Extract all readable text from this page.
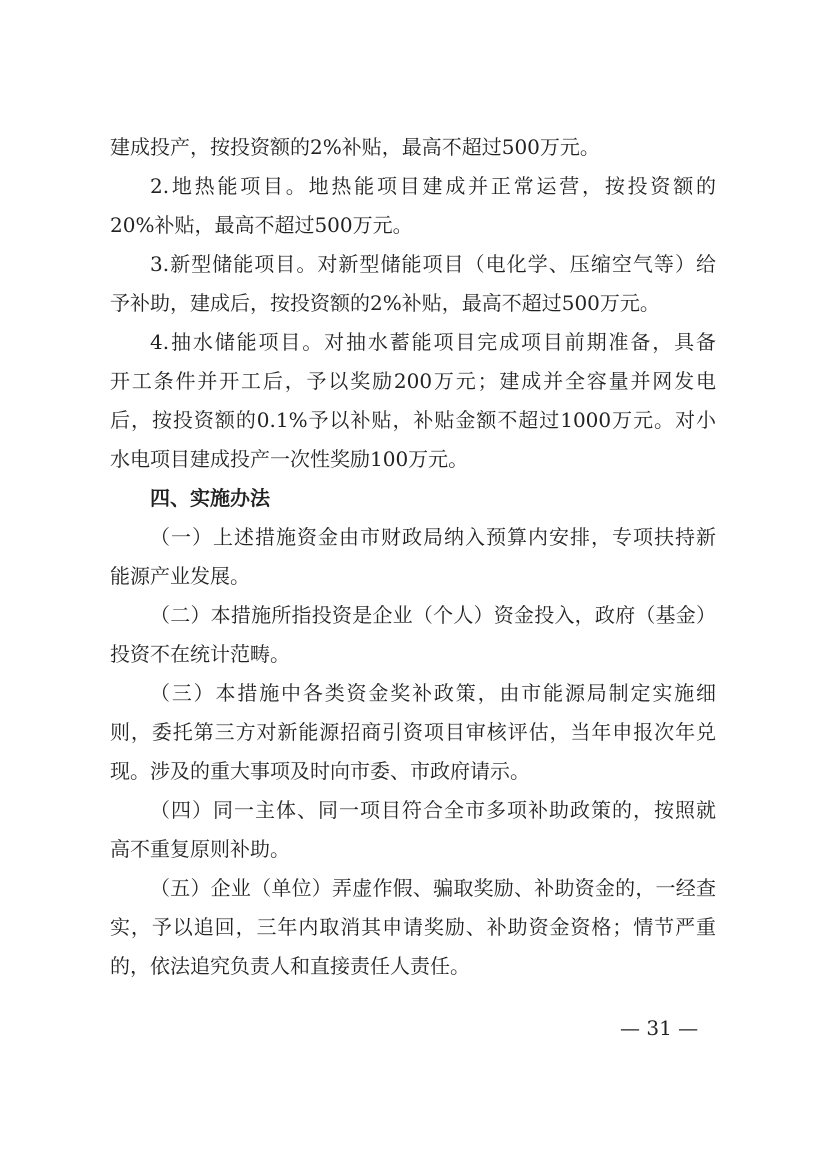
建成投产，按投资额的2%补贴，最高不超过500万元。
2.地热能项目。地热能项目建成并正常运营，按投资额的
20%补贴，最高不超过500万元。
3.新型储能项目。对新型储能项目（电化学、压缩空气等）给
予补助，建成后，按投资额的2%补贴，最高不超过500万元。
4.抽水储能项目。对抽水蓄能项目完成项目前期准备，具备
开工条件并开工后，予以奖励200万元；建成并全容量并网发电
后，按投资额的0.1%予以补贴，补贴金额不超过1000万元。对小
水电项目建成投产一次性奖励100万元。
四、实施办法
（一）上述措施资金由市财政局纳入预算内安排，专项扶持新
能源产业发展。
（二）本措施所指投资是企业（个人）资金投入，政府（基金）
投资不在统计范畴。
（三）本措施中各类资金奖补政策，由市能源局制定实施细
则，委托第三方对新能源招商引资项目审核评估，当年申报次年兑
现。涉及的重大事项及时向市委、市政府请示。
（四）同一主体、同一项目符合全市多项补助政策的，按照就
高不重复原则补助。
（五）企业（单位）弄虚作假、骗取奖励、补助资金的，一经查
实，予以追回，三年内取消其申请奖励、补助资金资格；情节严重
的，依法追究负责人和直接责任人责任。
— 31 —
